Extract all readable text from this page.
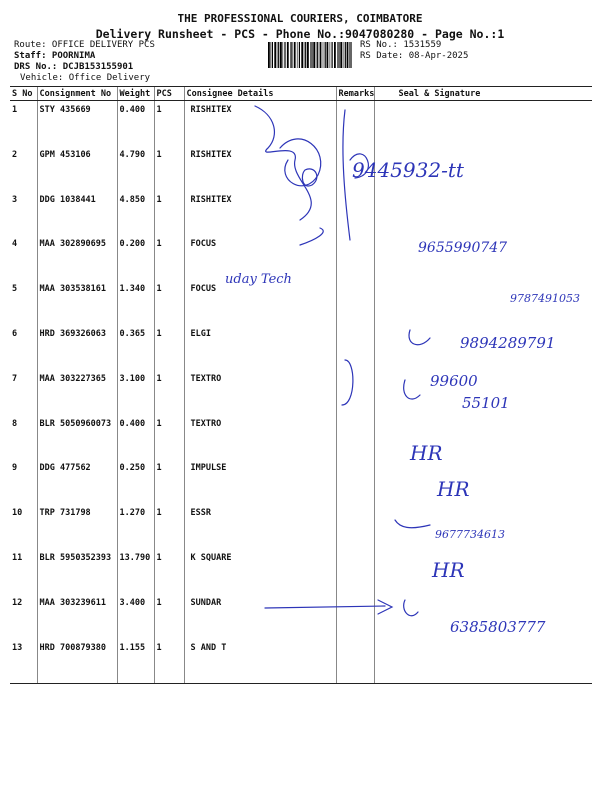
THE PROFESSIONAL COURIERS, COIMBATORE
Delivery Runsheet - PCS - Phone No.:9047080280 - Page No.:1
Route: OFFICE DELIVERY PCS
Staff: POORNIMA
DRS No.: DCJB153155901
Vehicle: Office Delivery
RS No.: 1531559
RS Date: 08-Apr-2025
S No	Consignment No	Weight	PCS	Consignee Details	Remarks	Seal & Signature
1	STY 435669	0.400	1	RISHITEX		
2	GPM 453106	4.790	1	RISHITEX		
3	DDG 1038441	4.850	1	RISHITEX		
4	MAA 302890695	0.200	1	FOCUS		
5	MAA 303538161	1.340	1	FOCUS		
6	HRD 369326063	0.365	1	ELGI		
7	MAA 303227365	3.100	1	TEXTRO		
8	BLR 5050960073	0.400	1	TEXTRO		
9	DDG 477562	0.250	1	IMPULSE		
10	TRP 731798	1.270	1	ESSR		
11	BLR 5950352393	13.790	1	K SQUARE		
12	MAA 303239611	3.400	1	SUNDAR		
13	HRD 700879380	1.155	1	S AND T		
9445932-tt
uday Tech
9655990747
9787491053
9894289791
99600
55101
HR
HR
9677734613
HR
6385803777
